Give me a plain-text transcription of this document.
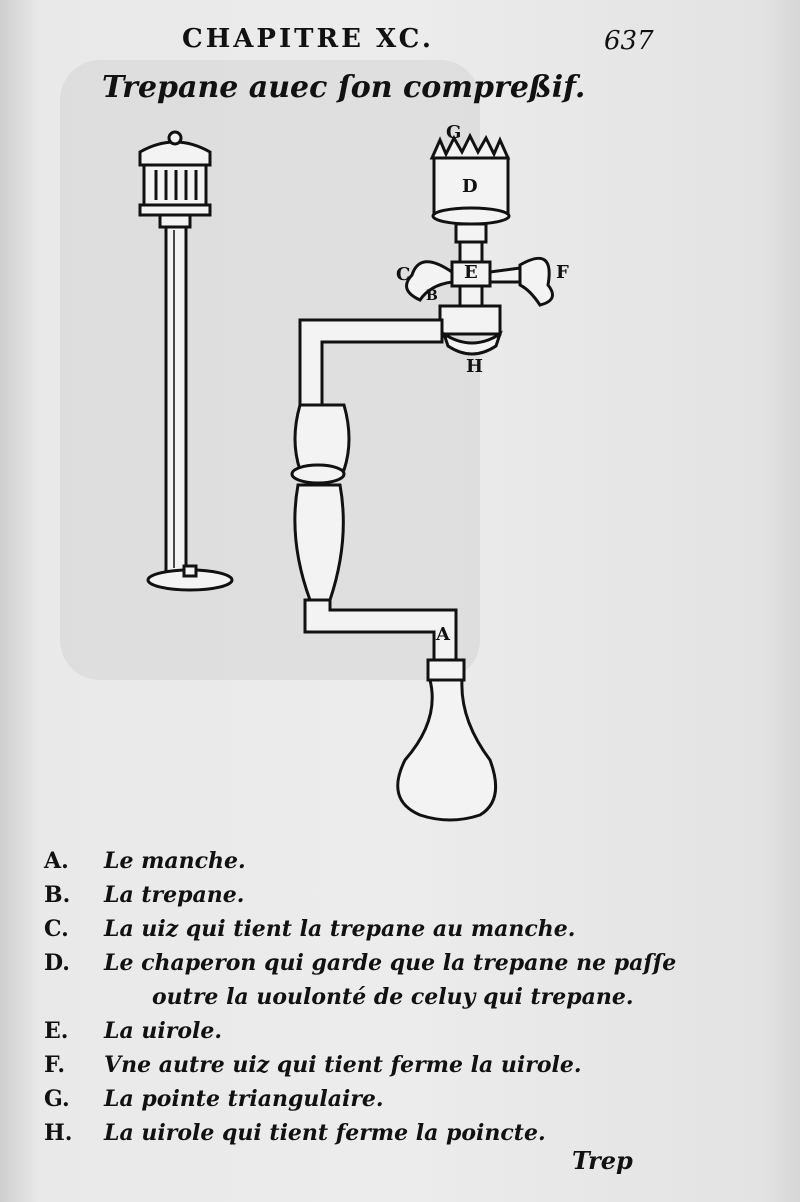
CHAPITRE XC.	637
Trepane auec ſon compreßif.
G
D
C	E	F
B
H
A
A.	Le manche.
B.	La trepane.
C.	La uiz qui tient la trepane au manche.
D.	Le chaperon qui garde que la trepane ne paſſe
outre la uoulonté de celuy qui trepane.
E.	La uirole.
F.	Vne autre uiz qui tient ferme la uirole.
G.	La pointe triangulaire.
H.	La uirole qui tient ferme la poincte.
Trep
